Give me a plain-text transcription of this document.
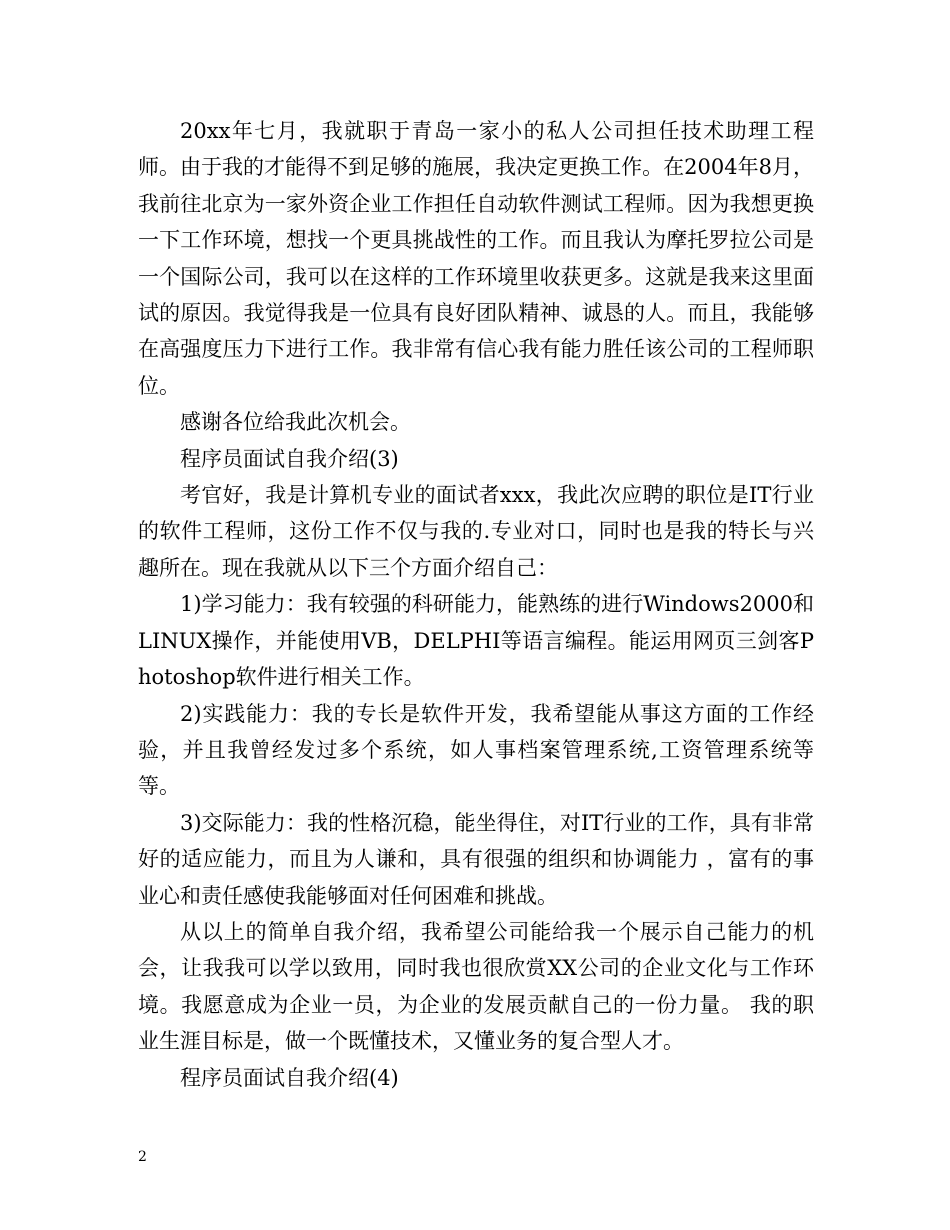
20xx年七月，我就职于青岛一家小的私人公司担任技术助理工程师。由于我的才能得不到足够的施展，我决定更换工作。在2004年8月，我前往北京为一家外资企业工作担任自动软件测试工程师。因为我想更换一下工作环境，想找一个更具挑战性的工作。而且我认为摩托罗拉公司是一个国际公司，我可以在这样的工作环境里收获更多。这就是我来这里面试的原因。我觉得我是一位具有良好团队精神、诚恳的人。而且，我能够在高强度压力下进行工作。我非常有信心我有能力胜任该公司的工程师职位。

感谢各位给我此次机会。

程序员面试自我介绍(3)

考官好，我是计算机专业的面试者xxx，我此次应聘的职位是IT行业的软件工程师，这份工作不仅与我的.专业对口，同时也是我的特长与兴趣所在。现在我就从以下三个方面介绍自己：

1)学习能力：我有较强的科研能力，能熟练的进行Windows2000和LINUX操作，并能使用VB，DELPHI等语言编程。能运用网页三剑客Photoshop软件进行相关工作。

2)实践能力：我的专长是软件开发，我希望能从事这方面的工作经验，并且我曾经发过多个系统，如人事档案管理系统,工资管理系统等等。

3)交际能力：我的性格沉稳，能坐得住，对IT行业的工作，具有非常好的适应能力，而且为人谦和，具有很强的组织和协调能力 ，富有的事业心和责任感使我能够面对任何困难和挑战。

从以上的简单自我介绍，我希望公司能给我一个展示自己能力的机会，让我我可以学以致用，同时我也很欣赏XX公司的企业文化与工作环境。我愿意成为企业一员，为企业的发展贡献自己的一份力量。 我的职业生涯目标是，做一个既懂技术，又懂业务的复合型人才。

程序员面试自我介绍(4)

2
